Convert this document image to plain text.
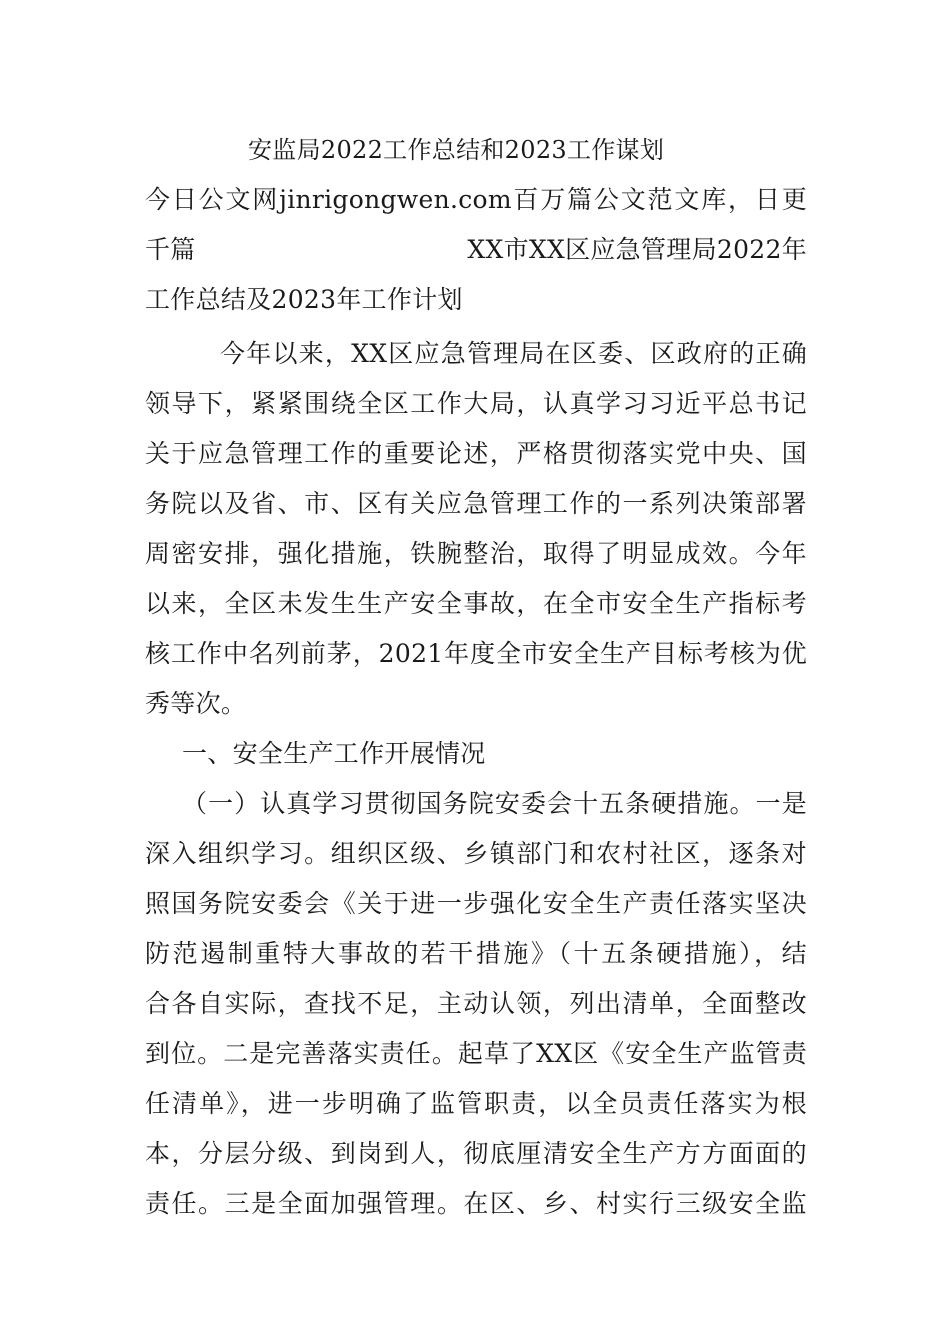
安监局2022工作总结和2023工作谋划
今日公文网jinrigongwen.com百万篇公文范文库，日更
千篇	XX市XX区应急管理局2022年
工作总结及2023年工作计划
今年以来，XX区应急管理局在区委、区政府的正确
领导下，紧紧围绕全区工作大局，认真学习习近平总书记
关于应急管理工作的重要论述，严格贯彻落实党中央、国
务院以及省、市、区有关应急管理工作的一系列决策部署
周密安排，强化措施，铁腕整治，取得了明显成效。今年
以来，全区未发生生产安全事故，在全市安全生产指标考
核工作中名列前茅，2021年度全市安全生产目标考核为优
秀等次。
一、安全生产工作开展情况
（一）认真学习贯彻国务院安委会十五条硬措施。一是
深入组织学习。组织区级、乡镇部门和农村社区，逐条对
照国务院安委会《关于进一步强化安全生产责任落实坚决
防范遏制重特大事故的若干措施》（十五条硬措施），结
合各自实际，查找不足，主动认领，列出清单，全面整改
到位。二是完善落实责任。起草了XX区《安全生产监管责
任清单》，进一步明确了监管职责，以全员责任落实为根
本，分层分级、到岗到人，彻底厘清安全生产方方面面的
责任。三是全面加强管理。在区、乡、村实行三级安全监
